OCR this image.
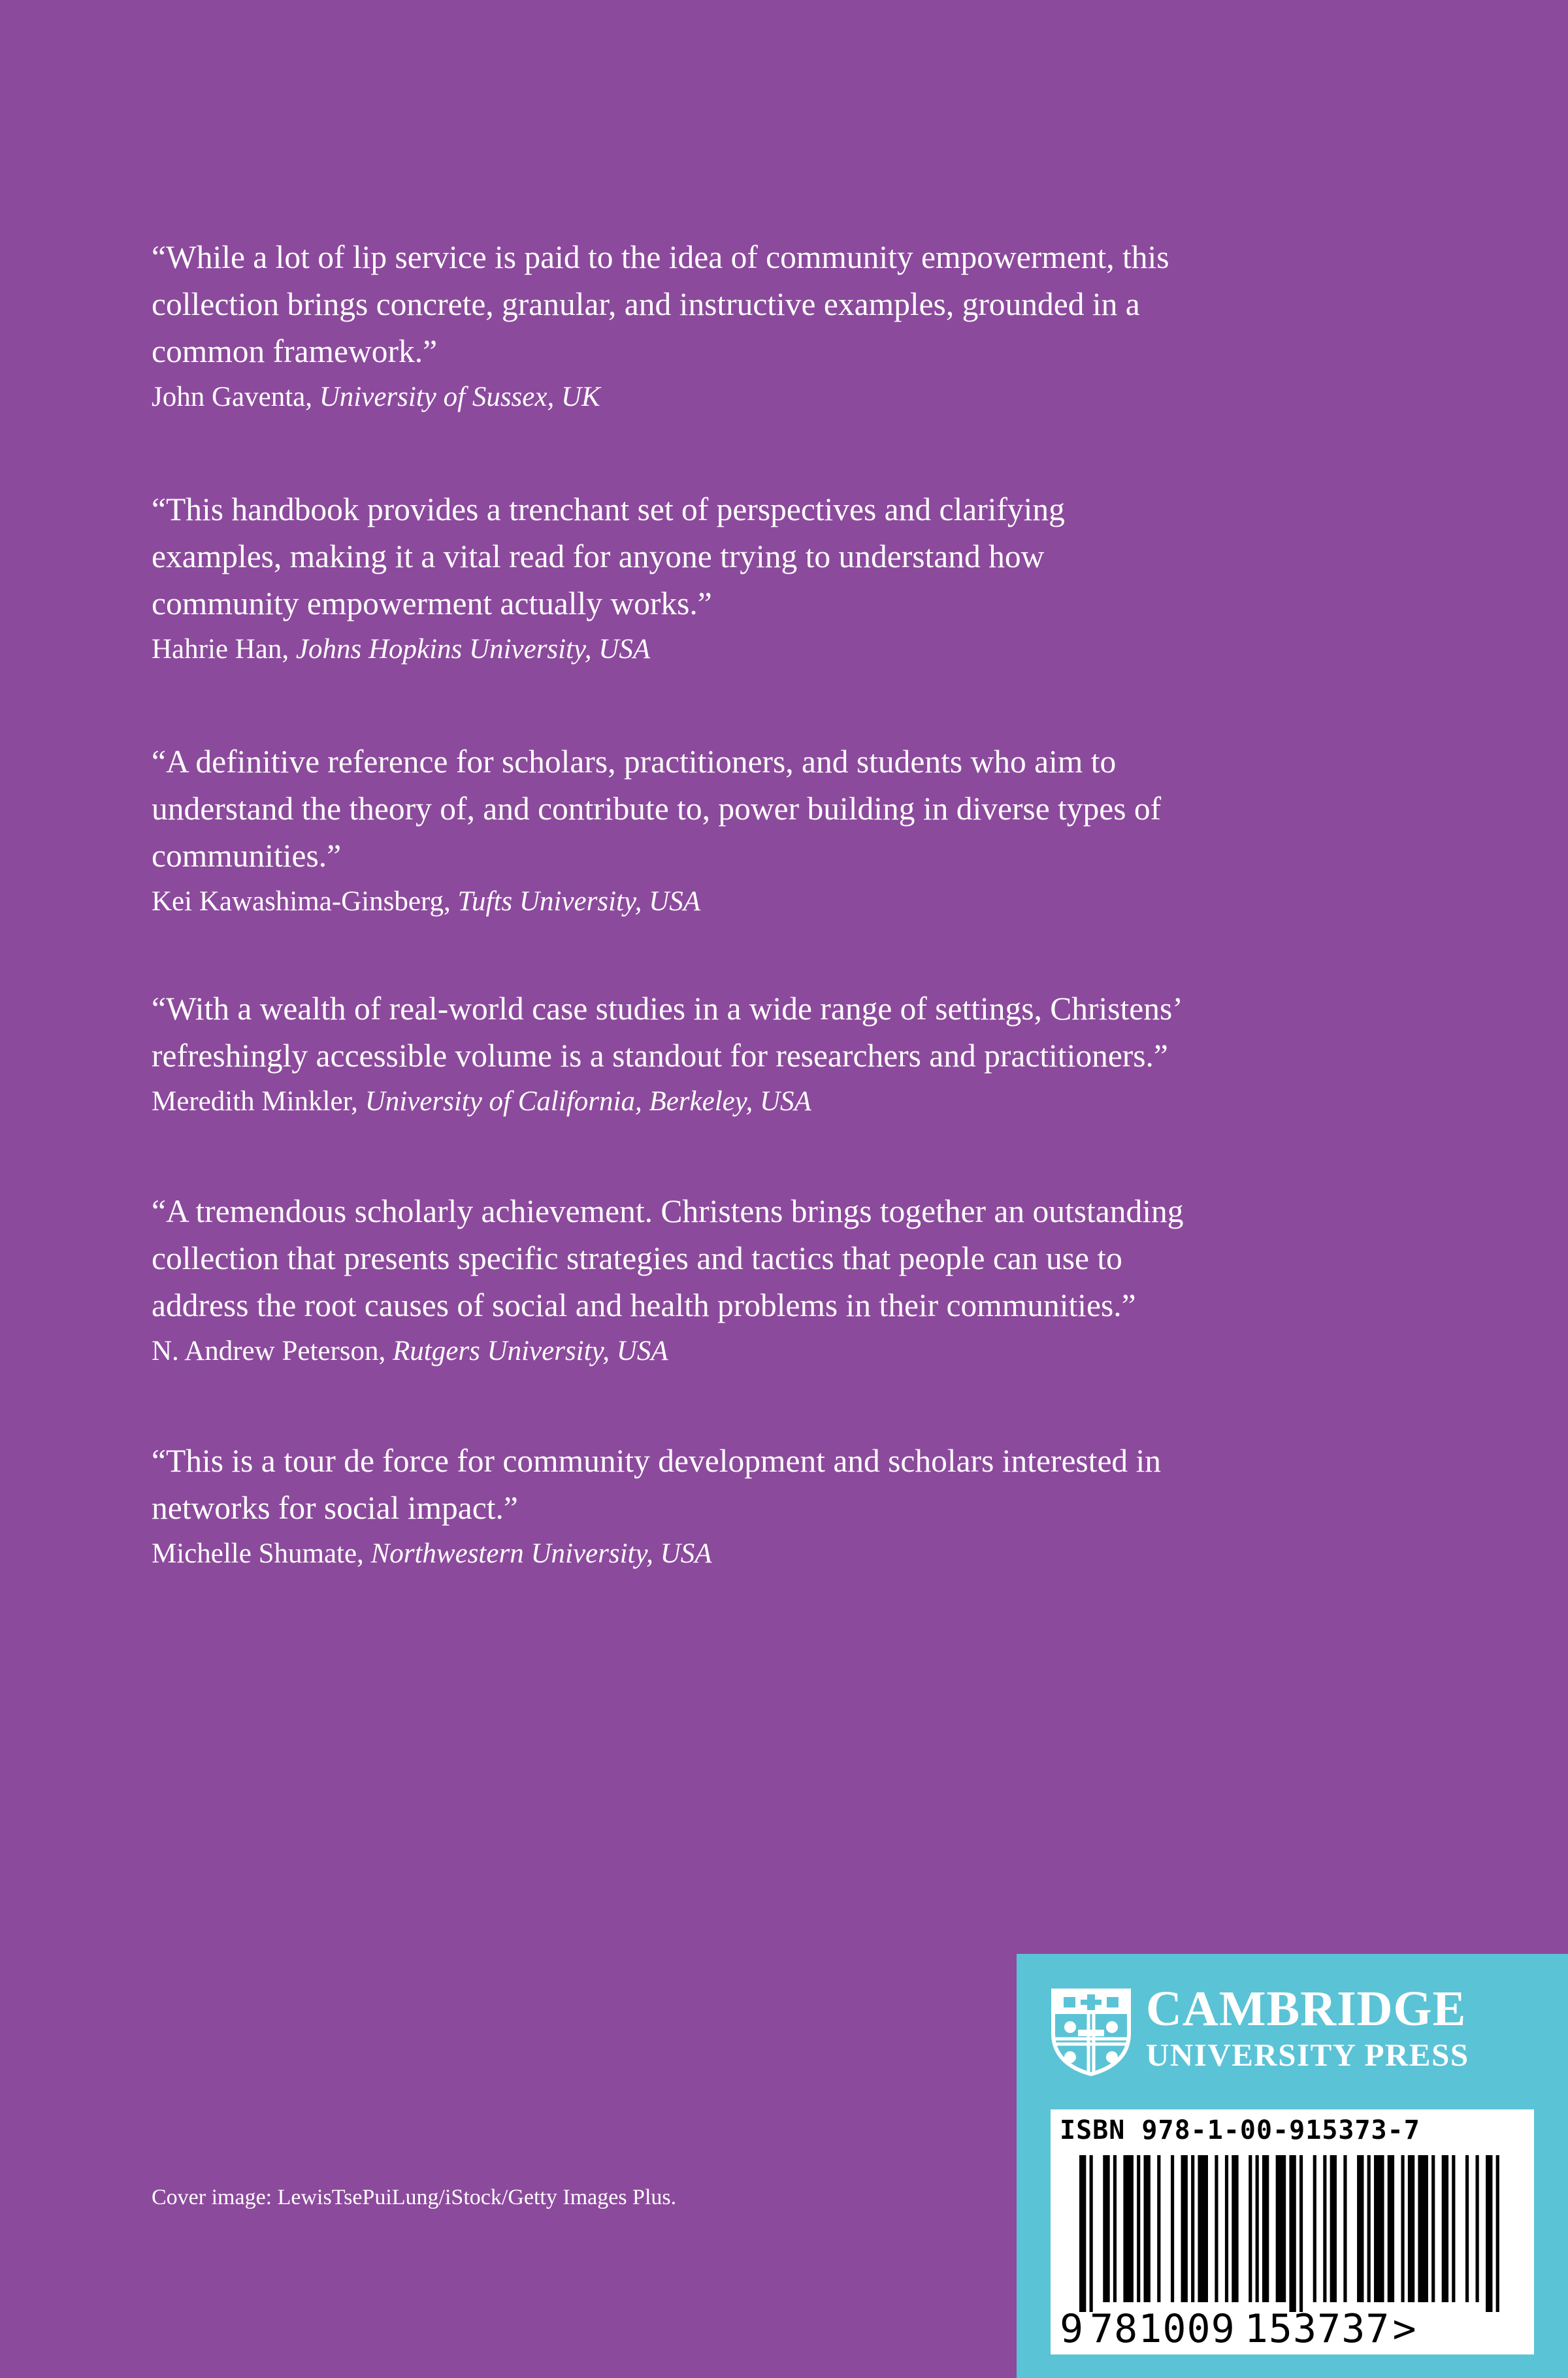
“While a lot of lip service is paid to the idea of community empowerment, this
collection brings concrete, granular, and instructive examples, grounded in a
common framework.”

John Gaventa, University of Sussex, UK

“This handbook provides a trenchant set of perspectives and clarifying
examples, making it a vital read for anyone trying to understand how
community empowerment actually works.”

Hahrie Han, Johns Hopkins University, USA

“A definitive reference for scholars, practitioners, and students who aim to
understand the theory of, and contribute to, power building in diverse types of
communities.”

Kei Kawashima-Ginsberg, Tufts University, USA

“With a wealth of real-world case studies in a wide range of settings, Christens’
refreshingly accessible volume is a standout for researchers and practitioners.”

Meredith Minkler, University of California, Berkeley, USA

“A tremendous scholarly achievement. Christens brings together an outstanding
collection that presents specific strategies and tactics that people can use to
address the root causes of social and health problems in their communities.”

N. Andrew Peterson, Rutgers University, USA

“This is a tour de force for community development and scholars interested in
networks for social impact.”

Michelle Shumate, Northwestern University, USA

Cover image: LewisTsePuiLung/iStock/Getty Images Plus.
CAMBRIDGE
UNIVERSITY PRESS
ISBN 978-1-00-915373-7
9 781009 153737>
